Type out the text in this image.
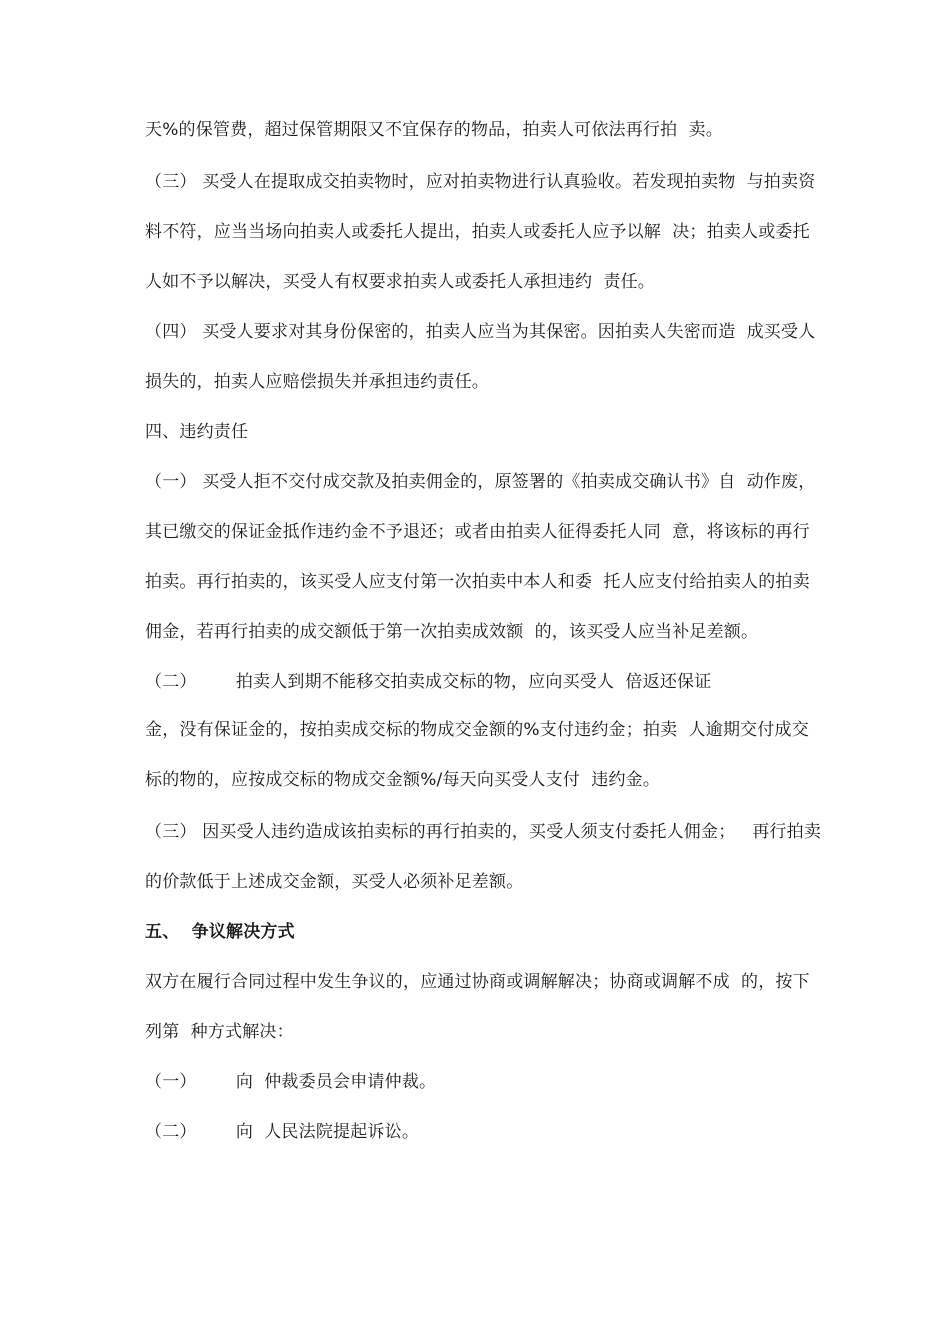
天%的保管费，超过保管期限又不宜保存的物品，拍卖人可依法再行拍  卖。
（三） 买受人在提取成交拍卖物时，应对拍卖物进行认真验收。若发现拍卖物  与拍卖资
料不符，应当当场向拍卖人或委托人提出，拍卖人或委托人应予以解  决；拍卖人或委托
人如不予以解决，买受人有权要求拍卖人或委托人承担违约  责任。
（四） 买受人要求对其身份保密的，拍卖人应当为其保密。因拍卖人失密而造  成买受人
损失的，拍卖人应赔偿损失并承担违约责任。
四、违约责任
（一） 买受人拒不交付成交款及拍卖佣金的，原签署的《拍卖成交确认书》自  动作废，
其已缴交的保证金抵作违约金不予退还；或者由拍卖人征得委托人同  意，将该标的再行
拍卖。再行拍卖的，该买受人应支付第一次拍卖中本人和委  托人应支付给拍卖人的拍卖
佣金，若再行拍卖的成交额低于第一次拍卖成效额  的，该买受人应当补足差额。
（二）       拍卖人到期不能移交拍卖成交标的物，应向买受人  倍返还保证
金，没有保证金的，按拍卖成交标的物成交金额的%支付违约金；拍卖  人逾期交付成交
标的物的，应按成交标的物成交金额%/每天向买受人支付  违约金。
（三） 因买受人违约造成该拍卖标的再行拍卖的，买受人须支付委托人佣金；   再行拍卖
的价款低于上述成交金额，买受人必须补足差额。
五、  争议解决方式
双方在履行合同过程中发生争议的，应通过协商或调解解决；协商或调解不成  的，按下
列第  种方式解决：
（一）       向  仲裁委员会申请仲裁。
（二）       向  人民法院提起诉讼。
